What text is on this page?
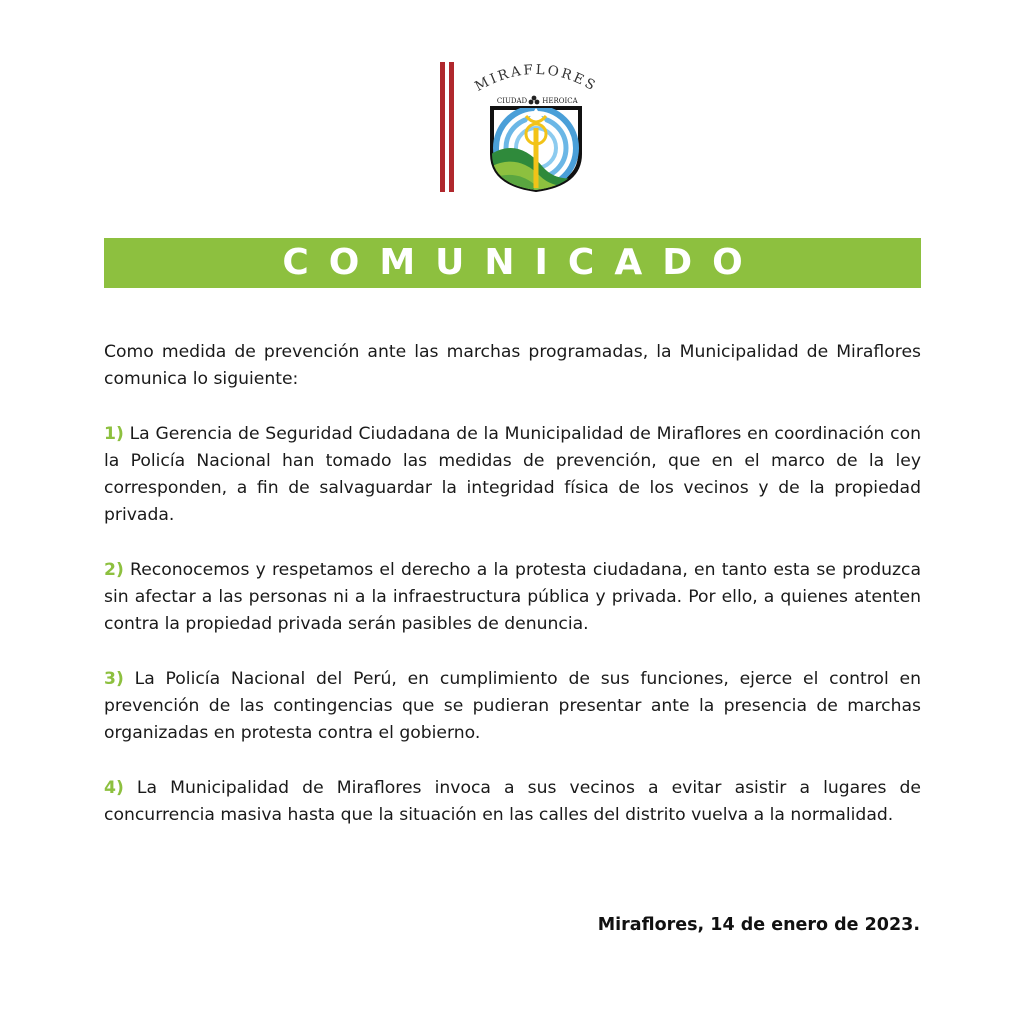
MIRAFLORES
CIUDAD HEROICA
COMUNICADO

Como medida de prevención ante las marchas programadas, la Municipalidad de Miraflores comunica lo siguiente:

1) La Gerencia de Seguridad Ciudadana de la Municipalidad de Miraflores en coordinación con la Policía Nacional han tomado las medidas de prevención, que en el marco de la ley corresponden, a fin de salvaguardar la integridad física de los vecinos y de la propiedad privada.

2) Reconocemos y respetamos el derecho a la protesta ciudadana, en tanto esta se produzca sin afectar a las personas ni a la infraestructura pública y privada. Por ello, a quienes atenten contra la propiedad privada serán pasibles de denuncia.

3) La Policía Nacional del Perú, en cumplimiento de sus funciones, ejerce el control en prevención de las contingencias que se pudieran presentar ante la presencia de marchas organizadas en protesta contra el gobierno.

4) La Municipalidad de Miraflores invoca a sus vecinos a evitar asistir a lugares de concurrencia masiva hasta que la situación en las calles del distrito vuelva a la normalidad.

Miraflores, 14 de enero de 2023.
